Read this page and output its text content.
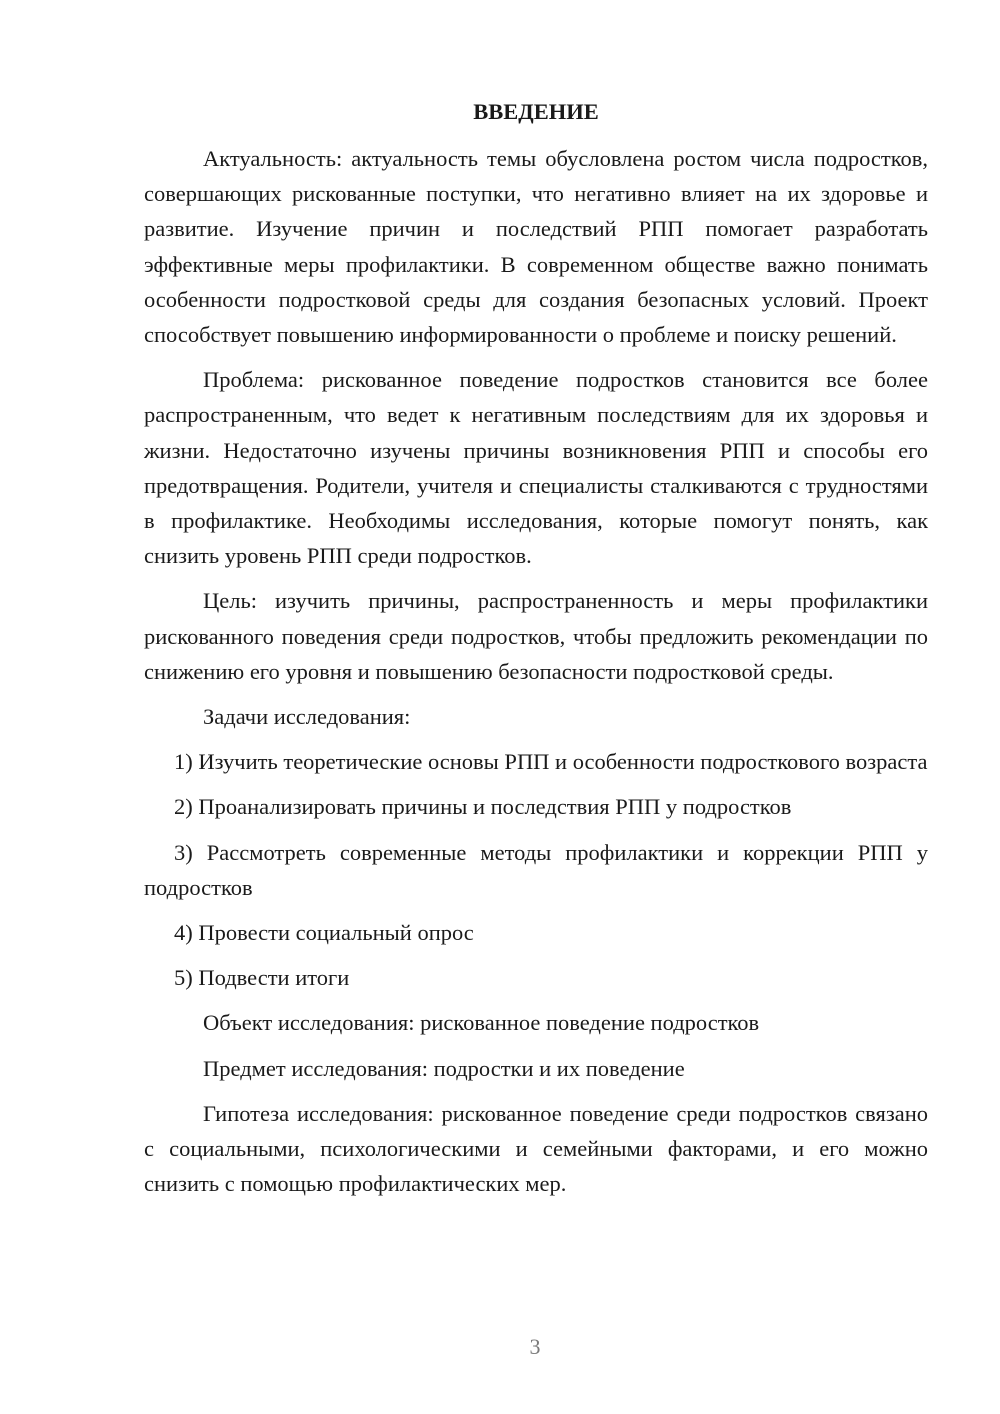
ВВЕДЕНИЕ

Актуальность: актуальность темы обусловлена ростом числа подростков, совершающих рискованные поступки, что негативно влияет на их здоровье и развитие. Изучение причин и последствий РПП помогает разработать эффективные меры профилактики. В современном обществе важно понимать особенности подростковой среды для создания безопасных условий. Проект способствует повышению информированности о проблеме и поиску решений.

Проблема: рискованное поведение подростков становится все более распространенным, что ведет к негативным последствиям для их здоровья и жизни. Недостаточно изучены причины возникновения РПП и способы его предотвращения. Родители, учителя и специалисты сталкиваются с трудностями в профилактике. Необходимы исследования, которые помогут понять, как снизить уровень РПП среди подростков.

Цель: изучить причины, распространенность и меры профилактики рискованного поведения среди подростков, чтобы предложить рекомендации по снижению его уровня и повышению безопасности подростковой среды.

Задачи исследования:

1) Изучить теоретические основы РПП и особенности подросткового возраста

2) Проанализировать причины и последствия РПП у подростков

3) Рассмотреть современные методы профилактики и коррекции РПП у подростков

4) Провести социальный опрос

5) Подвести итоги

Объект исследования: рискованное поведение подростков

Предмет исследования: подростки и их поведение

Гипотеза исследования: рискованное поведение среди подростков связано с социальными, психологическими и семейными факторами, и его можно снизить с помощью профилактических мер.

3
